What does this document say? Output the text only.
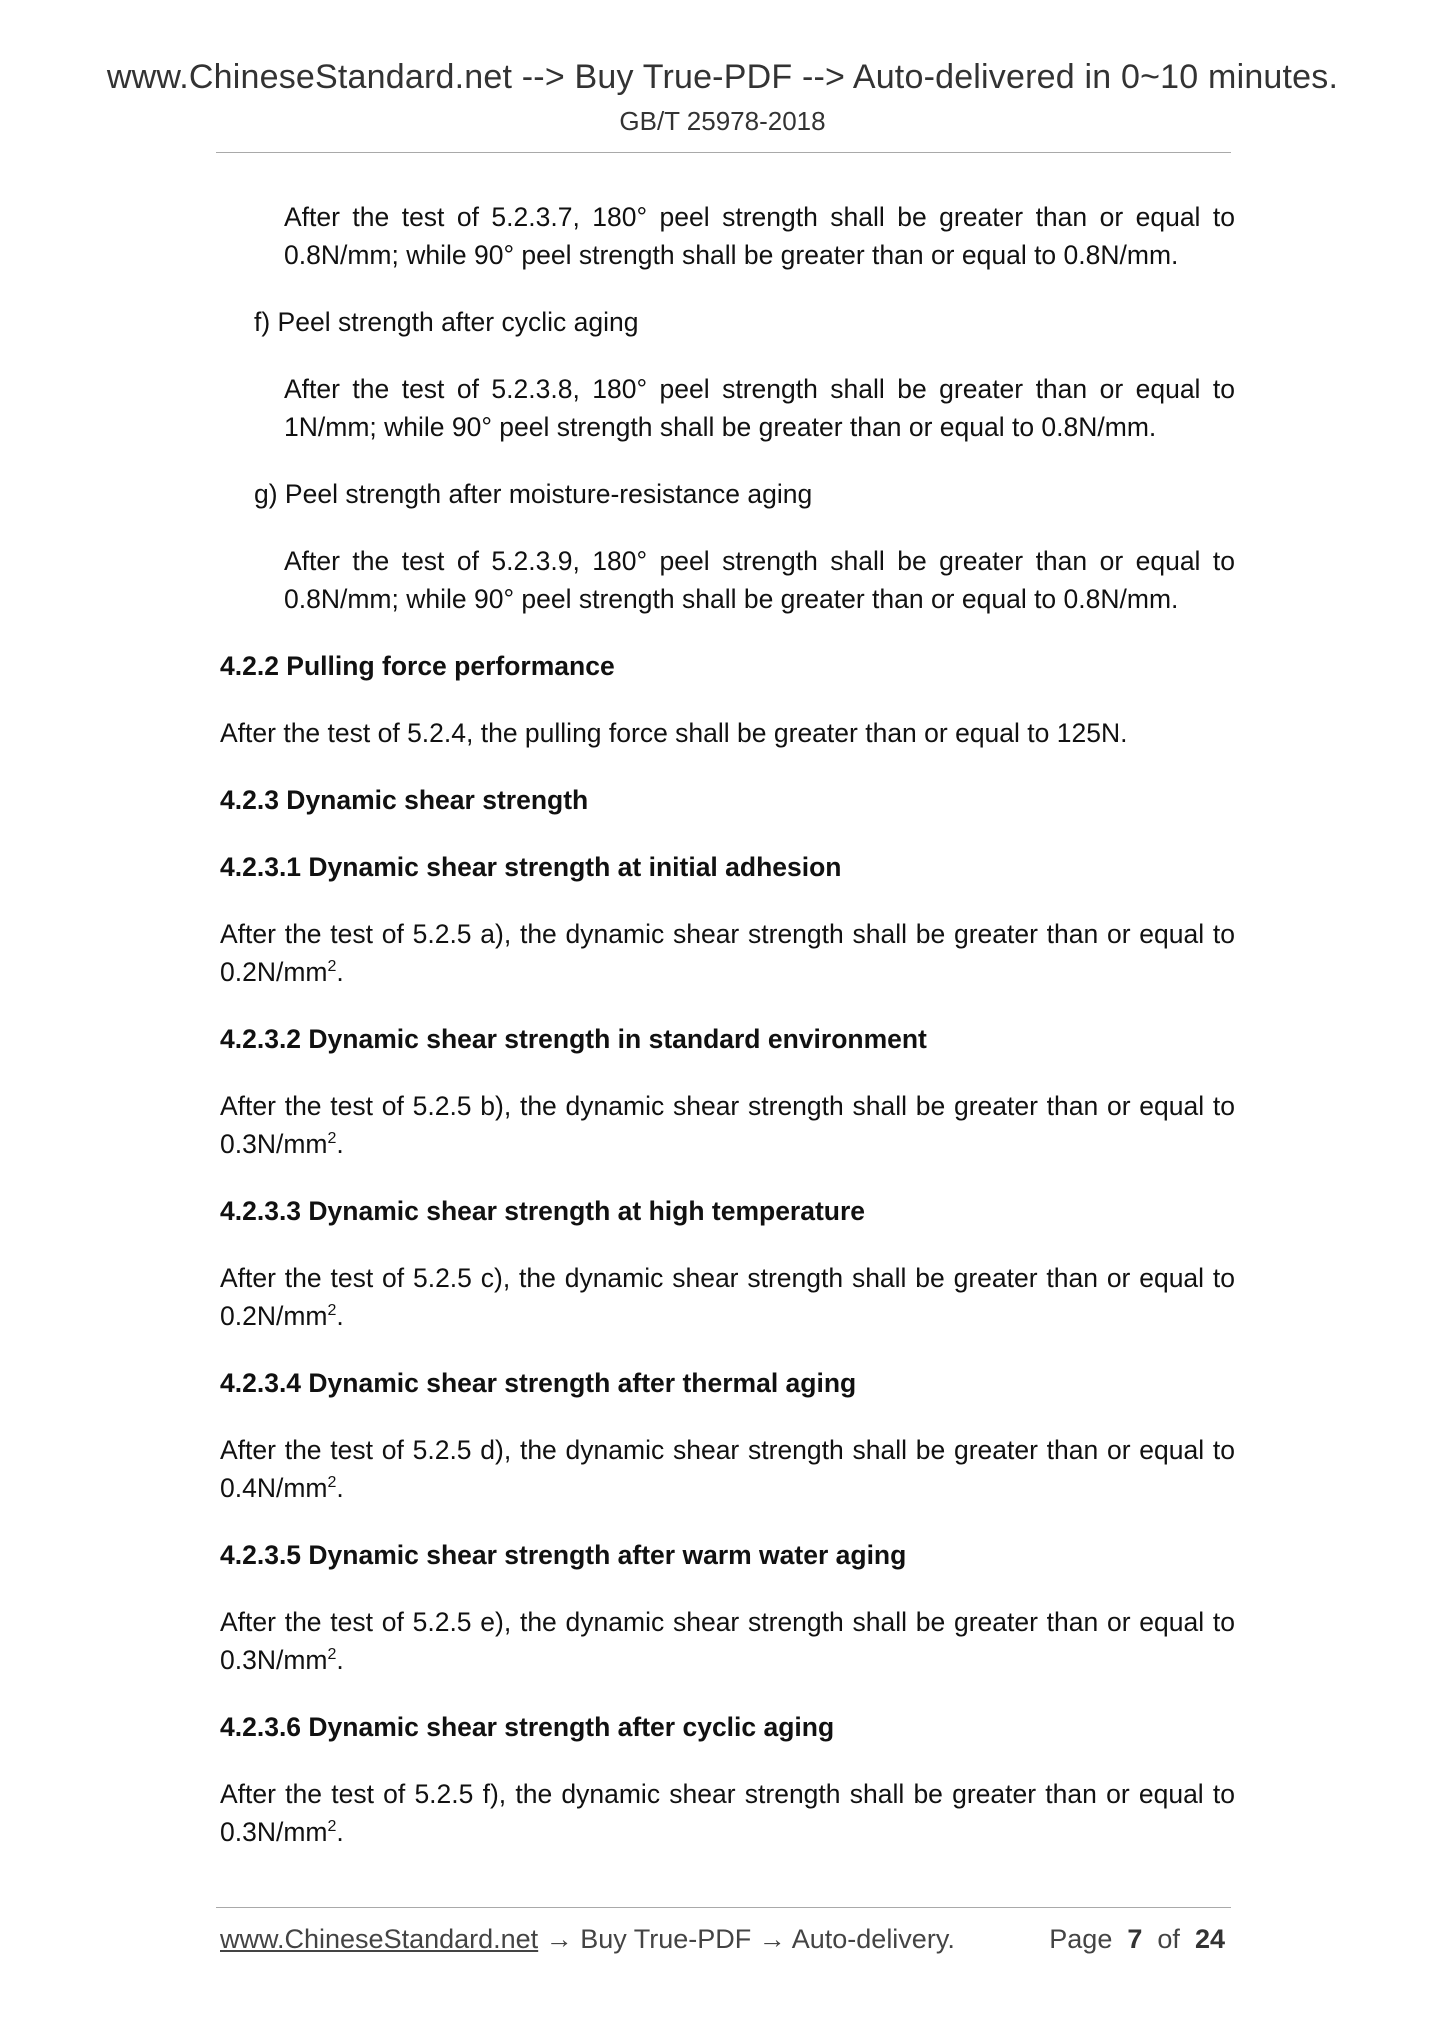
www.ChineseStandard.net --> Buy True-PDF --> Auto-delivered in 0~10 minutes.
GB/T 25978-2018

After the test of 5.2.3.7, 180° peel strength shall be greater than or equal to 0.8N/mm; while 90° peel strength shall be greater than or equal to 0.8N/mm.

f) Peel strength after cyclic aging

After the test of 5.2.3.8, 180° peel strength shall be greater than or equal to 1N/mm; while 90° peel strength shall be greater than or equal to 0.8N/mm.

g) Peel strength after moisture-resistance aging

After the test of 5.2.3.9, 180° peel strength shall be greater than or equal to 0.8N/mm; while 90° peel strength shall be greater than or equal to 0.8N/mm.

4.2.2 Pulling force performance

After the test of 5.2.4, the pulling force shall be greater than or equal to 125N.

4.2.3 Dynamic shear strength

4.2.3.1 Dynamic shear strength at initial adhesion

After the test of 5.2.5 a), the dynamic shear strength shall be greater than or equal to $0.2N/mm^2$.

4.2.3.2 Dynamic shear strength in standard environment

After the test of 5.2.5 b), the dynamic shear strength shall be greater than or equal to $0.3N/mm^2$.

4.2.3.3 Dynamic shear strength at high temperature

After the test of 5.2.5 c), the dynamic shear strength shall be greater than or equal to $0.2N/mm^2$.

4.2.3.4 Dynamic shear strength after thermal aging

After the test of 5.2.5 d), the dynamic shear strength shall be greater than or equal to $0.4N/mm^2$.

4.2.3.5 Dynamic shear strength after warm water aging

After the test of 5.2.5 e), the dynamic shear strength shall be greater than or equal to $0.3N/mm^2$.

4.2.3.6 Dynamic shear strength after cyclic aging

After the test of 5.2.5 f), the dynamic shear strength shall be greater than or equal to $0.3N/mm^2$.

www.ChineseStandard.net → Buy True-PDF → Auto-delivery.	Page 7 of 24
